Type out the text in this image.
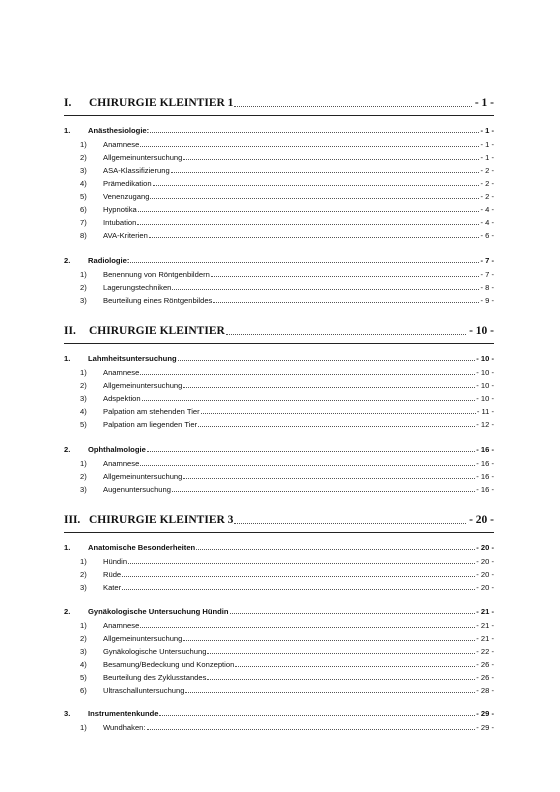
I.	CHIRURGIE KLEINTIER 1	- 1 -
1.	Anästhesiologie:	- 1 -
1)	Anamnese	- 1 -
2)	Allgemeinuntersuchung	- 1 -
3)	ASA-Klassifizierung	- 2 -
4)	Prämedikation	- 2 -
5)	Venenzugang	- 2 -
6)	Hypnotika	- 4 -
7)	Intubation	- 4 -
8)	AVA-Kriterien	- 6 -
2.	Radiologie:	- 7 -
1)	Benennung von Röntgenbildern	- 7 -
2)	Lagerungstechniken	- 8 -
3)	Beurteilung eines Röntgenbildes	- 9 -
II.	CHIRURGIE KLEINTIER	- 10 -
1.	Lahmheitsuntersuchung	- 10 -
1)	Anamnese	- 10 -
2)	Allgemeinuntersuchung	- 10 -
3)	Adspektion	- 10 -
4)	Palpation am stehenden Tier	- 11 -
5)	Palpation am liegenden Tier	- 12 -
2.	Ophthalmologie	- 16 -
1)	Anamnese	- 16 -
2)	Allgemeinuntersuchung	- 16 -
3)	Augenuntersuchung	- 16 -
III. CHIRURGIE KLEINTIER 3	- 20 -
1.	Anatomische Besonderheiten	- 20 -
1)	Hündin	- 20 -
2)	Rüde	- 20 -
3)	Kater	- 20 -
2.	Gynäkologische Untersuchung Hündin	- 21 -
1)	Anamnese	- 21 -
2)	Allgemeinuntersuchung	- 21 -
3)	Gynäkologische Untersuchung	- 22 -
4)	Besamung/Bedeckung und Konzeption	- 26 -
5)	Beurteilung des Zyklusstandes	- 26 -
6)	Ultraschalluntersuchung	- 28 -
3.	Instrumentenkunde	- 29 -
1)	Wundhaken:	- 29 -
